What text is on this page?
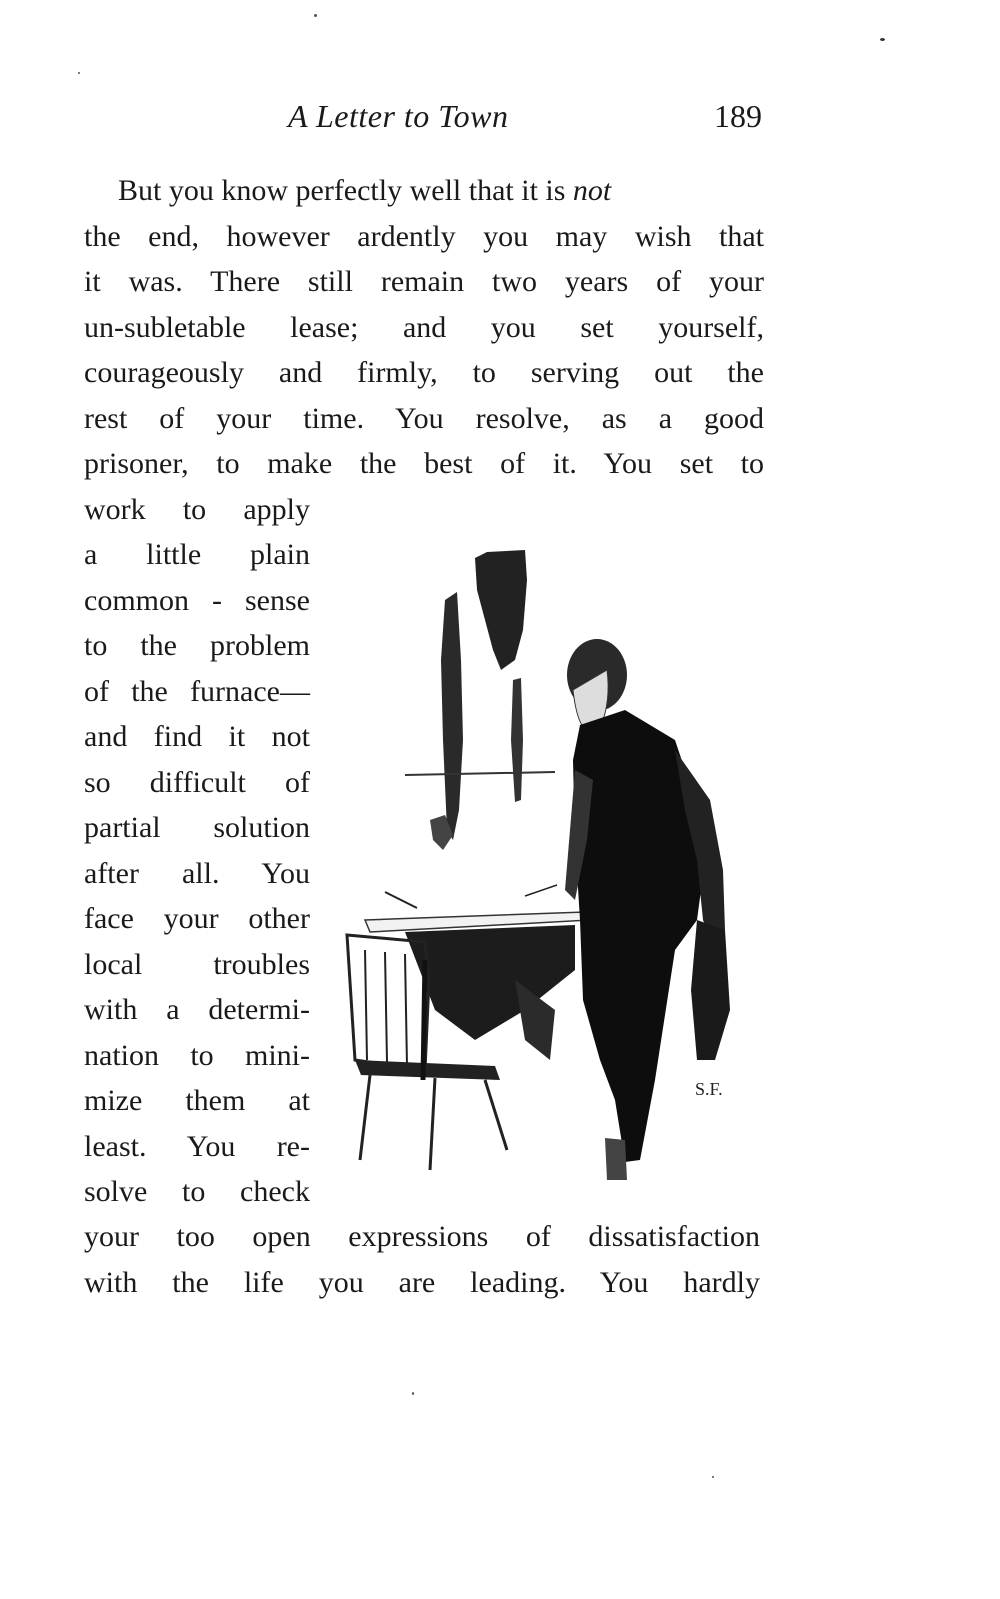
A Letter to Town	189
But you know perfectly well that it is not
the end, however ardently you may wish that
it was. There still remain two years of your
un-subletable lease; and you set yourself,
courageously and firmly, to serving out the
rest of your time. You resolve, as a good
prisoner, to make the best of it. You set to
work to apply
a little plain
common - sense
to the problem
of the furnace—
and find it not
so difficult of
partial solution
after all. You
face your other
local troubles
with a determi-
nation to mini-
mize them at
least. You re-
solve to check
your too open expressions of dissatisfaction
with the life you are leading. You hardly
S.F.
